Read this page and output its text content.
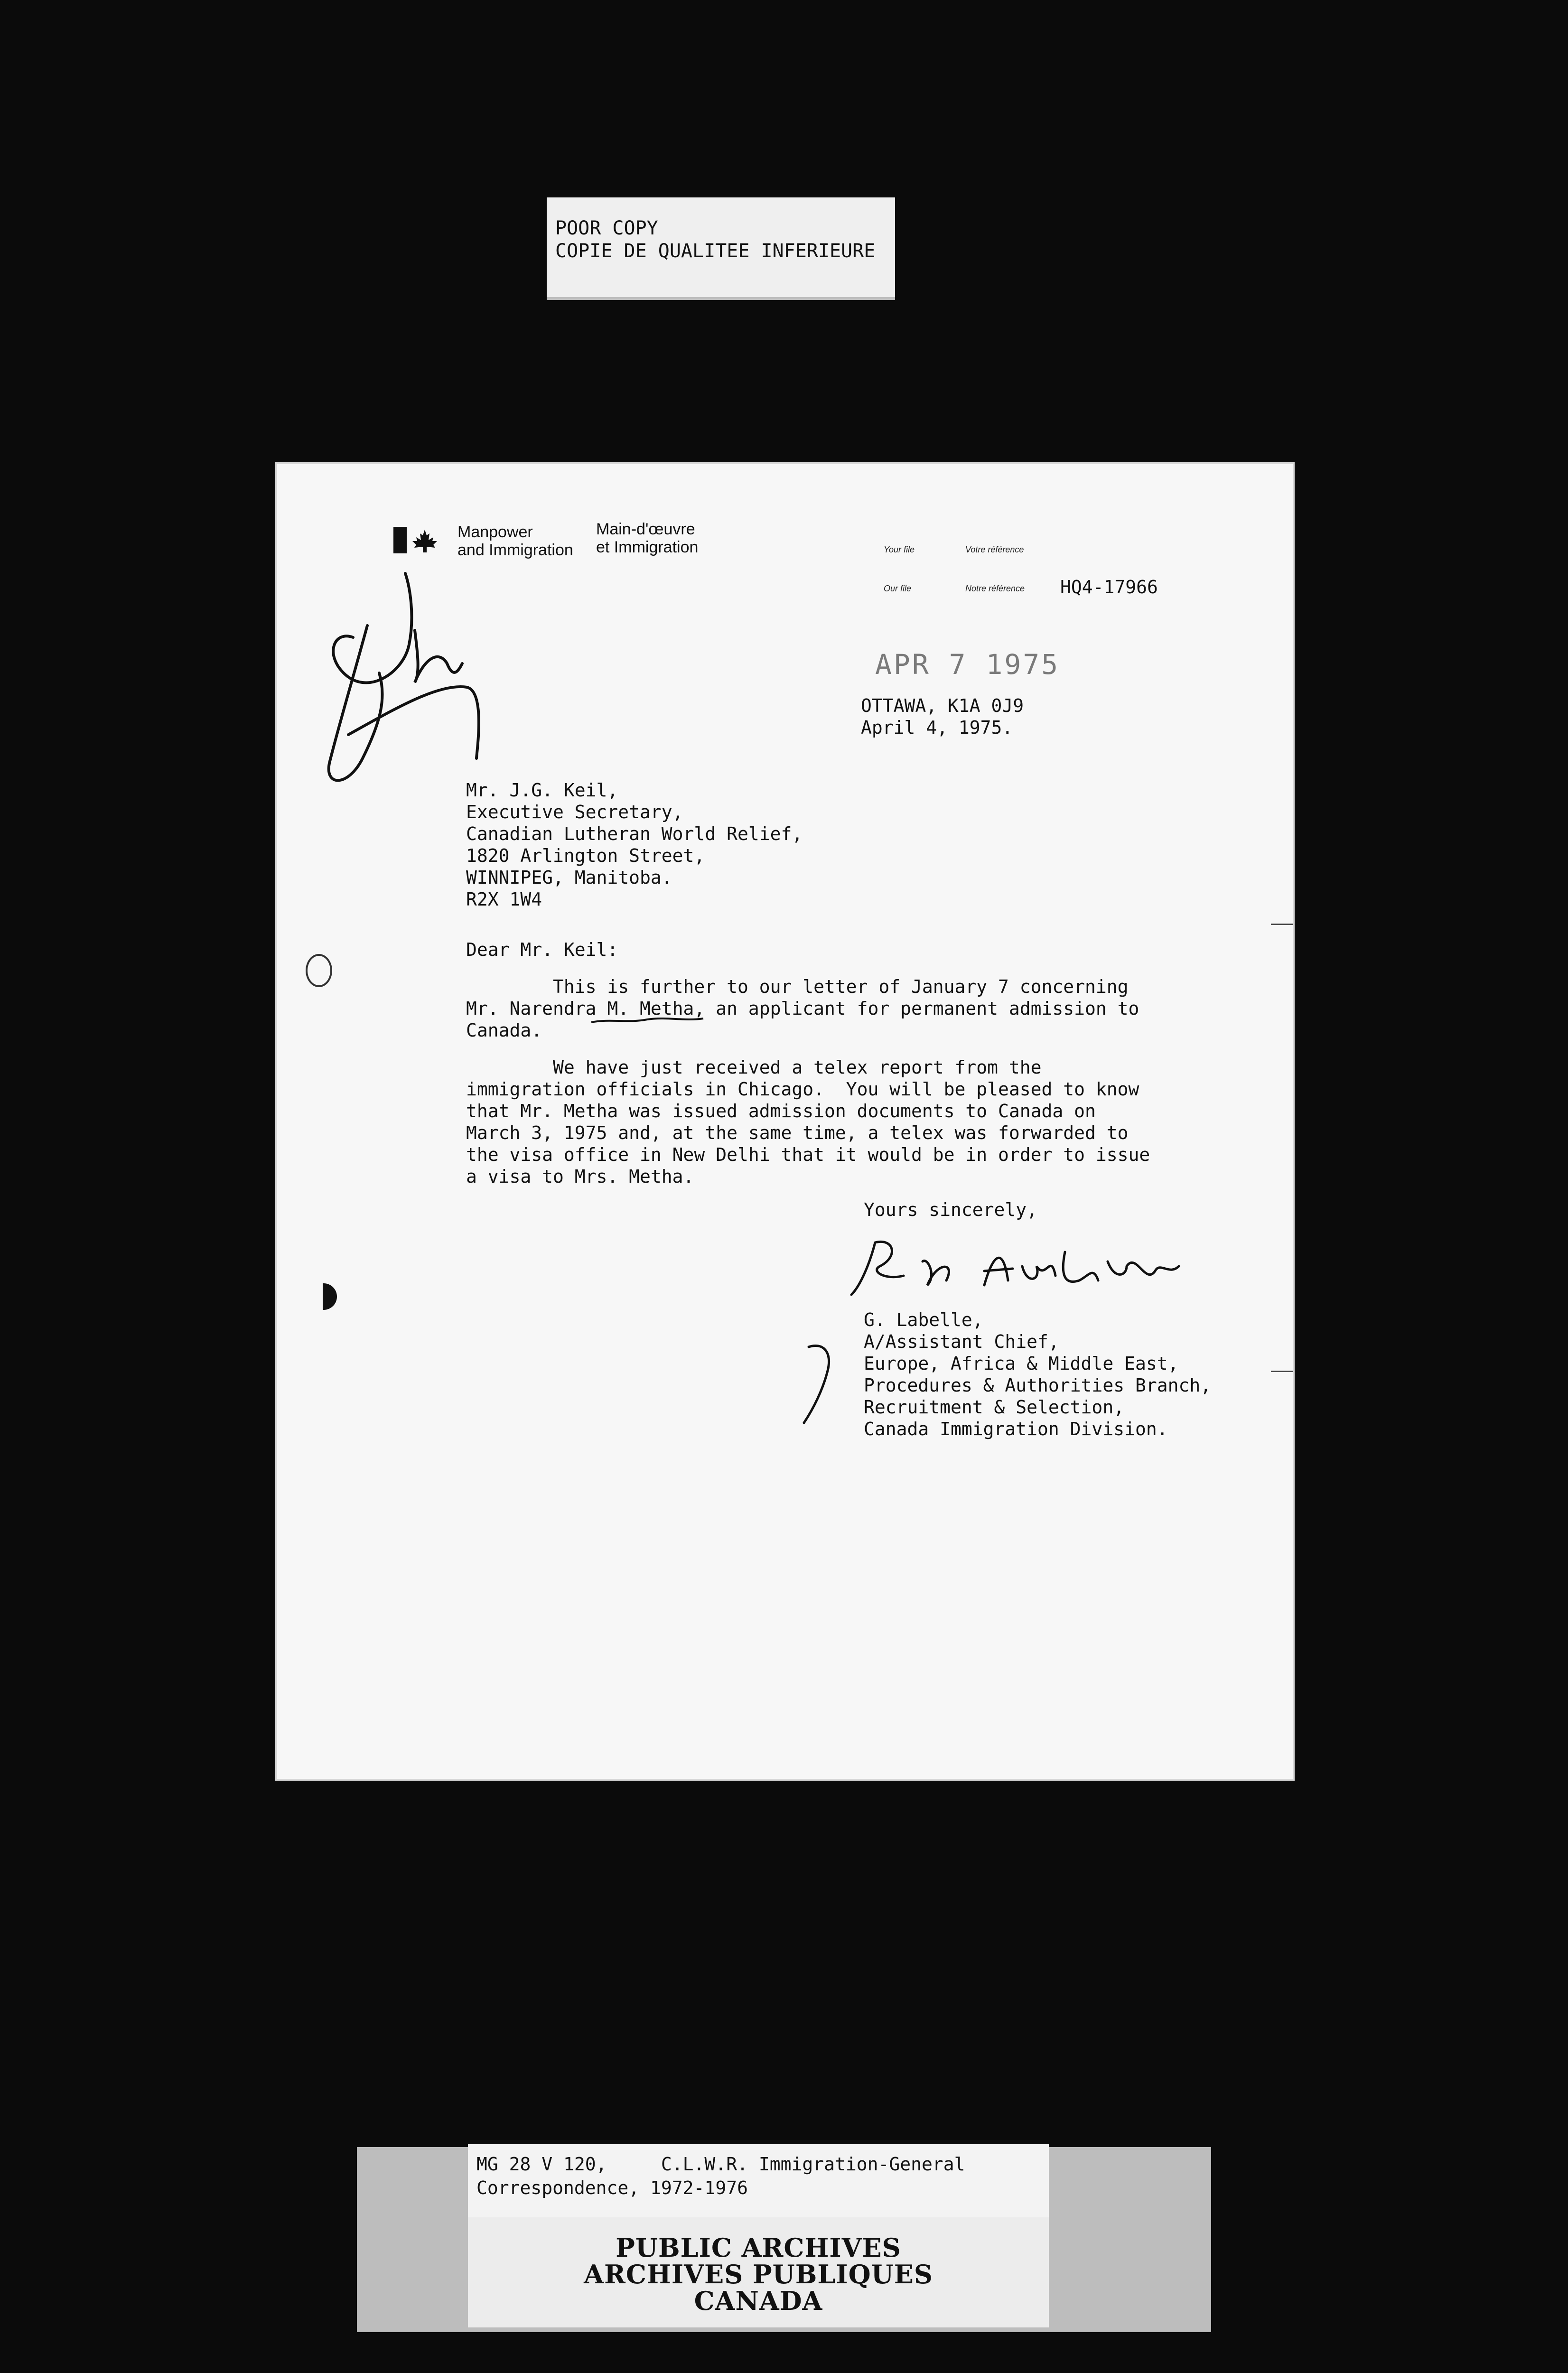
POOR COPY
COPIE DE QUALITEE INFERIEURE
Manpower
and Immigration
Main-d'œuvre
et Immigration	Your file	Votre référence
Our file	Notre référence HQ4-17966
APR 7 1975
OTTAWA, K1A 0J9
April 4, 1975.
Mr. J.G. Keil,
Executive Secretary,
Canadian Lutheran World Relief,
1820 Arlington Street,
WINNIPEG, Manitoba.
R2X 1W4
Dear Mr. Keil:
This is further to our letter of January 7 concerning
Mr. Narendra M. Metha, an applicant for permanent admission to
Canada.
We have just received a telex report from the
immigration officials in Chicago.  You will be pleased to know
that Mr. Metha was issued admission documents to Canada on
March 3, 1975 and, at the same time, a telex was forwarded to
the visa office in New Delhi that it would be in order to issue
a visa to Mrs. Metha.
Yours sincerely,
G. Labelle,
A/Assistant Chief,
Europe, Africa & Middle East,
Procedures & Authorities Branch,
Recruitment & Selection,
Canada Immigration Division.
MG 28 V 120,     C.L.W.R. Immigration-General
Correspondence, 1972-1976
PUBLIC ARCHIVES
ARCHIVES PUBLIQUES
CANADA
